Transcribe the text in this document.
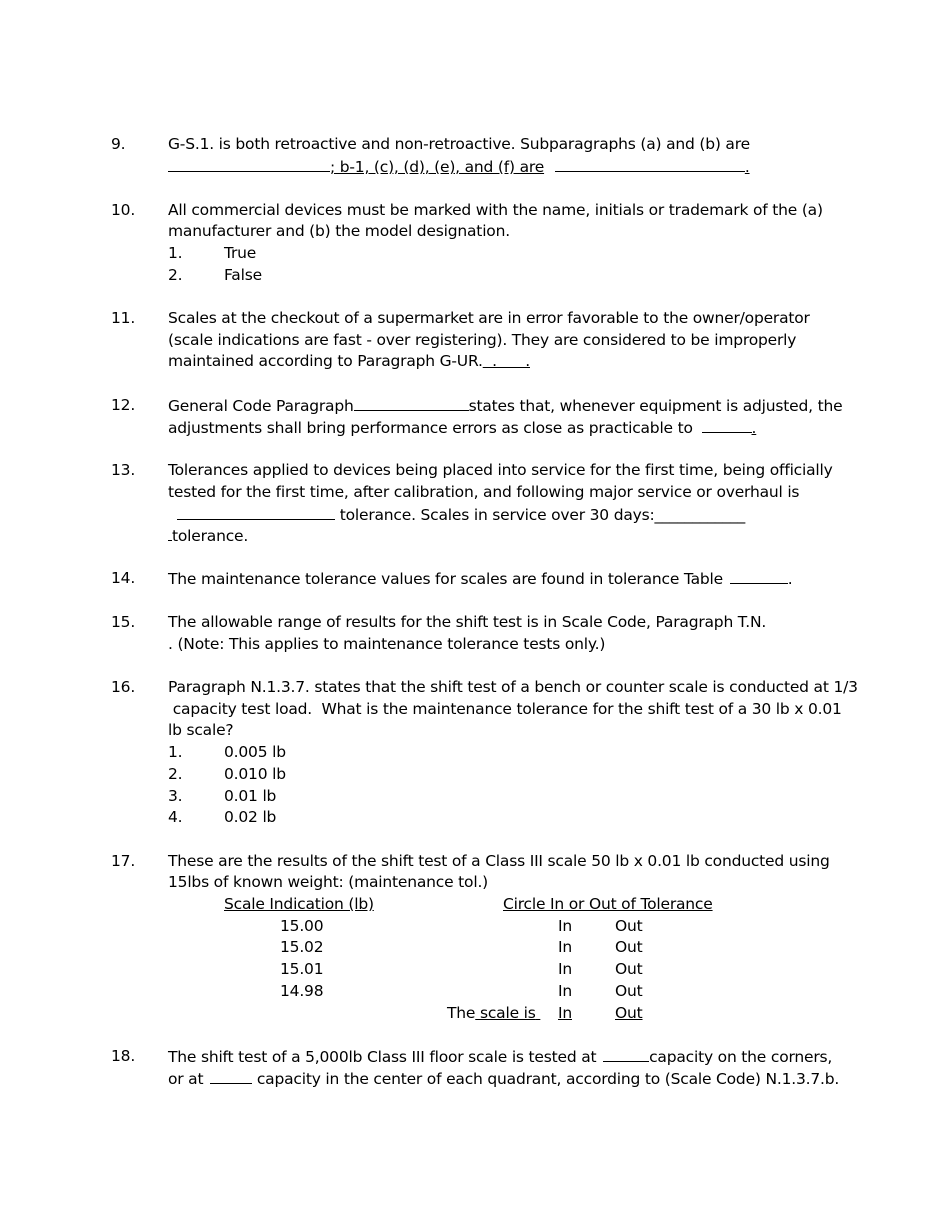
9.	G-S.1. is both retroactive and non-retroactive. Subparagraphs (a) and (b) are
; b-1, (c), (d), (e), and (f) are	.
10. All commercial devices must be marked with the name, initials or trademark of the (a)
manufacturer and (b) the model designation.
1.	True
2.	False
11. Scales at the checkout of a supermarket are in error favorable to the owner/operator
(scale indications are fast - over registering). They are considered to be improperly
maintained according to Paragraph G-UR.  .      .
12. General Code Paragraph	states that, whenever equipment is adjusted, the
adjustments shall bring performance errors as close as practicable to	.
13. Tolerances applied to devices being placed into service for the first time, being officially
tested for the first time, after calibration, and following major service or overhaul is
tolerance. Scales in service over 30 days:____________
tolerance.
14. The maintenance tolerance values for scales are found in tolerance Table	.
15. The allowable range of results for the shift test is in Scale Code, Paragraph T.N.
. (Note: This applies to maintenance tolerance tests only.)
16. Paragraph N.1.3.7. states that the shift test of a bench or counter scale is conducted at 1/3
capacity test load.  What is the maintenance tolerance for the shift test of a 30 lb x 0.01
lb scale?
1.	0.005 lb
2.	0.010 lb
3.	0.01 lb
4.	0.02 lb
17. These are the results of the shift test of a Class III scale 50 lb x 0.01 lb conducted using
15lbs of known weight: (maintenance tol.)
Scale Indication (lb)	Circle In or Out of Tolerance
15.00	In	Out
15.02	In	Out
15.01	In	Out
14.98	In	Out
The scale is	In	Out
18. The shift test of a 5,000lb Class III floor scale is tested at	capacity on the corners,
or at	capacity in the center of each quadrant, according to (Scale Code) N.1.3.7.b.
